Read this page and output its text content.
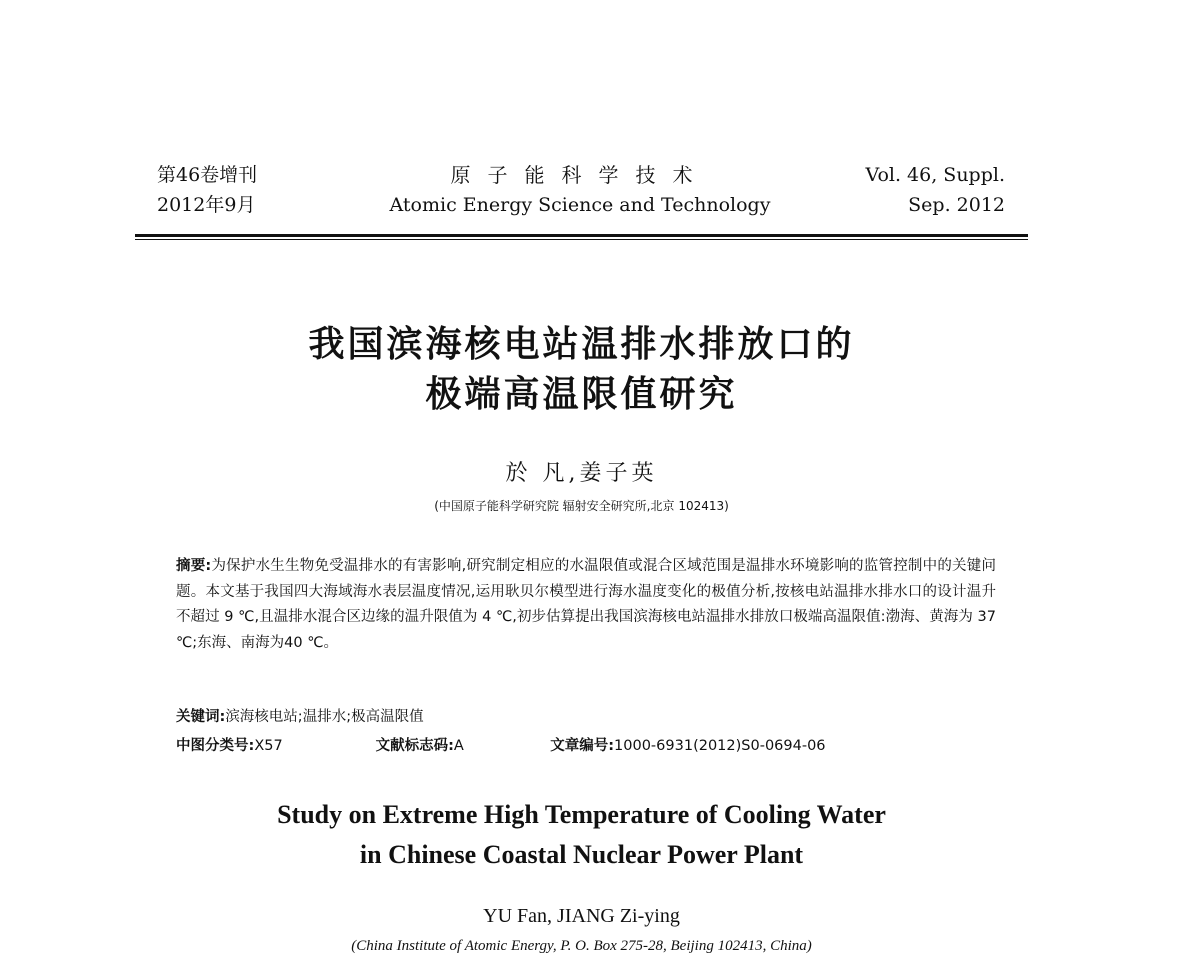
第46卷增刊
2012年9月
原子能科学技术
Atomic Energy Science and Technology
Vol. 46, Suppl.
Sep. 2012
我国滨海核电站温排水排放口的
极端高温限值研究
於 凡,姜子英
(中国原子能科学研究院 辐射安全研究所,北京 102413)
摘要:为保护水生生物免受温排水的有害影响,研究制定相应的水温限值或混合区域范围是温排水环境影响的监管控制中的关键问题。本文基于我国四大海域海水表层温度情况,运用耿贝尔模型进行海水温度变化的极值分析,按核电站温排水排水口的设计温升不超过 9 ℃,且温排水混合区边缘的温升限值为 4 ℃,初步估算提出我国滨海核电站温排水排放口极端高温限值:渤海、黄海为 37 ℃;东海、南海为40 ℃。
关键词:滨海核电站;温排水;极高温限值
中图分类号:X57	文献标志码:A	文章编号:1000-6931(2012)S0-0694-06
Study on Extreme High Temperature of Cooling Water
in Chinese Coastal Nuclear Power Plant
YU Fan, JIANG Zi-ying
(China Institute of Atomic Energy, P. O. Box 275-28, Beijing 102413, China)
